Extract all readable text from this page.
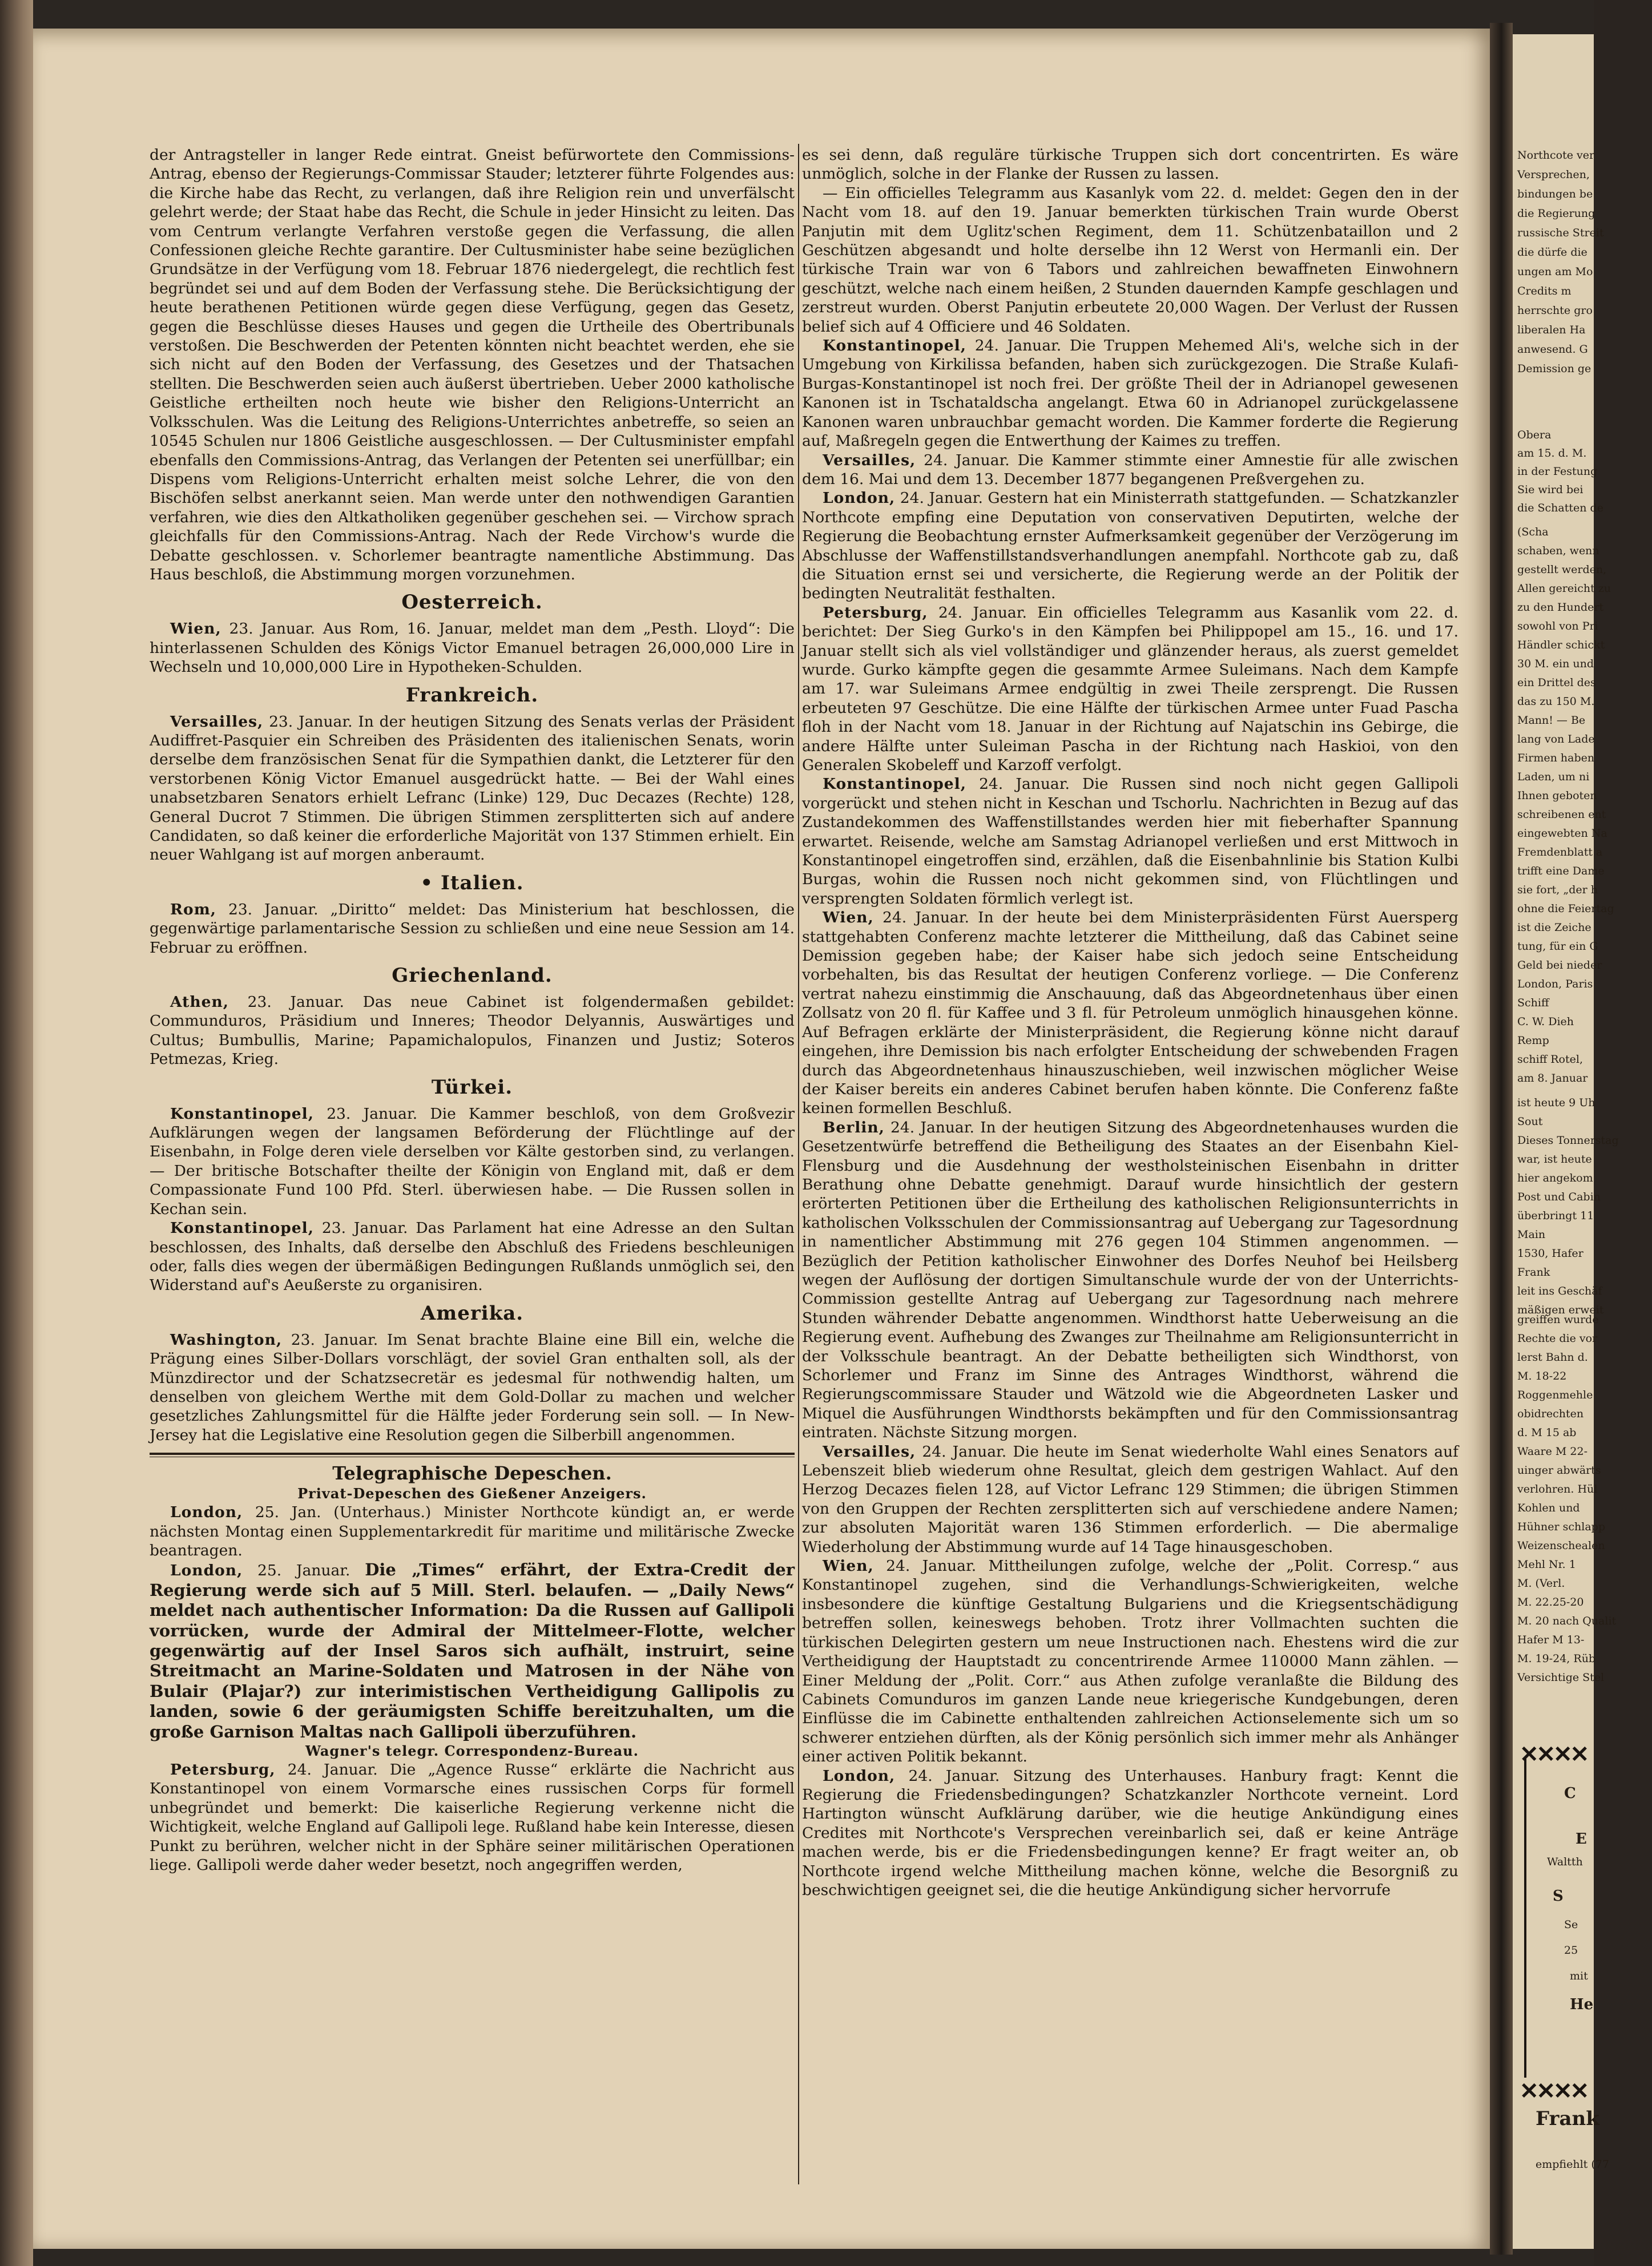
der Antragsteller in langer Rede eintrat. Gneist befürwortete den Commissions-Antrag, ebenso der Regierungs-Commissar Stauder; letzterer führte Folgendes aus: die Kirche habe das Recht, zu verlangen, daß ihre Religion rein und unverfälscht gelehrt werde; der Staat habe das Recht, die Schule in jeder Hinsicht zu leiten. Das vom Centrum verlangte Verfahren verstoße gegen die Verfassung, die allen Confessionen gleiche Rechte garantire. Der Cultusminister habe seine bezüglichen Grundsätze in der Verfügung vom 18. Februar 1876 niedergelegt, die rechtlich fest begründet sei und auf dem Boden der Verfassung stehe. Die Berücksichtigung der heute berathenen Petitionen würde gegen diese Verfügung, gegen das Gesetz, gegen die Beschlüsse dieses Hauses und gegen die Urtheile des Obertribunals verstoßen. Die Beschwerden der Petenten könnten nicht beachtet werden, ehe sie sich nicht auf den Boden der Verfassung, des Gesetzes und der Thatsachen stellten. Die Beschwerden seien auch äußerst übertrieben. Ueber 2000 katholische Geistliche ertheilten noch heute wie bisher den Religions-Unterricht an Volksschulen. Was die Leitung des Religions-Unterrichtes anbetreffe, so seien an 10545 Schulen nur 1806 Geistliche ausgeschlossen. — Der Cultusminister empfahl ebenfalls den Commissions-Antrag, das Verlangen der Petenten sei unerfüllbar; ein Dispens vom Religions-Unterricht erhalten meist solche Lehrer, die von den Bischöfen selbst anerkannt seien. Man werde unter den nothwendigen Garantien verfahren, wie dies den Altkatholiken gegenüber geschehen sei. — Virchow sprach gleichfalls für den Commissions-Antrag. Nach der Rede Virchow's wurde die Debatte geschlossen. v. Schorlemer beantragte namentliche Abstimmung. Das Haus beschloß, die Abstimmung morgen vorzunehmen.

Oesterreich.

Wien, 23. Januar. Aus Rom, 16. Januar, meldet man dem „Pesth. Lloyd“: Die hinterlassenen Schulden des Königs Victor Emanuel betragen 26,000,000 Lire in Wechseln und 10,000,000 Lire in Hypotheken-Schulden.

Frankreich.

Versailles, 23. Januar. In der heutigen Sitzung des Senats verlas der Präsident Audiffret-Pasquier ein Schreiben des Präsidenten des italienischen Senats, worin derselbe dem französischen Senat für die Sympathien dankt, die Letzterer für den verstorbenen König Victor Emanuel ausgedrückt hatte. — Bei der Wahl eines unabsetzbaren Senators erhielt Lefranc (Linke) 129, Duc Decazes (Rechte) 128, General Ducrot 7 Stimmen. Die übrigen Stimmen zersplitterten sich auf andere Candidaten, so daß keiner die erforderliche Majorität von 137 Stimmen erhielt. Ein neuer Wahlgang ist auf morgen anberaumt.

• Italien.

Rom, 23. Januar. „Diritto“ meldet: Das Ministerium hat beschlossen, die gegenwärtige parlamentarische Session zu schließen und eine neue Session am 14. Februar zu eröffnen.

Griechenland.

Athen, 23. Januar. Das neue Cabinet ist folgendermaßen gebildet: Communduros, Präsidium und Inneres; Theodor Delyannis, Auswärtiges und Cultus; Bumbullis, Marine; Papamichalopulos, Finanzen und Justiz; Soteros Petmezas, Krieg.

Türkei.

Konstantinopel, 23. Januar. Die Kammer beschloß, von dem Großvezir Aufklärungen wegen der langsamen Beförderung der Flüchtlinge auf der Eisenbahn, in Folge deren viele derselben vor Kälte gestorben sind, zu verlangen. — Der britische Botschafter theilte der Königin von England mit, daß er dem Compassionate Fund 100 Pfd. Sterl. überwiesen habe. — Die Russen sollen in Kechan sein.

Konstantinopel, 23. Januar. Das Parlament hat eine Adresse an den Sultan beschlossen, des Inhalts, daß derselbe den Abschluß des Friedens beschleunigen oder, falls dies wegen der übermäßigen Bedingungen Rußlands unmöglich sei, den Widerstand auf's Aeußerste zu organisiren.

Amerika.

Washington, 23. Januar. Im Senat brachte Blaine eine Bill ein, welche die Prägung eines Silber-Dollars vorschlägt, der soviel Gran enthalten soll, als der Münzdirector und der Schatzsecretär es jedesmal für nothwendig halten, um denselben von gleichem Werthe mit dem Gold-Dollar zu machen und welcher gesetzliches Zahlungsmittel für die Hälfte jeder Forderung sein soll. — In New-Jersey hat die Legislative eine Resolution gegen die Silberbill angenommen.

Telegraphische Depeschen.
Privat-Depeschen des Gießener Anzeigers.

London, 25. Jan. (Unterhaus.) Minister Northcote kündigt an, er werde nächsten Montag einen Supplementarkredit für maritime und militärische Zwecke beantragen.

London, 25. Januar. Die „Times“ erfährt, der Extra-Credit der Regierung werde sich auf 5 Mill. Sterl. belaufen. — „Daily News“ meldet nach authentischer Information: Da die Russen auf Gallipoli vorrücken, wurde der Admiral der Mittelmeer-Flotte, welcher gegenwärtig auf der Insel Saros sich aufhält, instruirt, seine Streitmacht an Marine-Soldaten und Matrosen in der Nähe von Bulair (Plajar?) zur interimistischen Vertheidigung Gallipolis zu landen, sowie 6 der geräumigsten Schiffe bereitzuhalten, um die große Garnison Maltas nach Gallipoli überzuführen.

Wagner's telegr. Correspondenz-Bureau.

Petersburg, 24. Januar. Die „Agence Russe“ erklärte die Nachricht aus Konstantinopel von einem Vormarsche eines russischen Corps für formell unbegründet und bemerkt: Die kaiserliche Regierung verkenne nicht die Wichtigkeit, welche England auf Gallipoli lege. Rußland habe kein Interesse, diesen Punkt zu berühren, welcher nicht in der Sphäre seiner militärischen Operationen liege. Gallipoli werde daher weder besetzt, noch angegriffen werden,

es sei denn, daß reguläre türkische Truppen sich dort concentrirten. Es wäre unmöglich, solche in der Flanke der Russen zu lassen.

— Ein officielles Telegramm aus Kasanlyk vom 22. d. meldet: Gegen den in der Nacht vom 18. auf den 19. Januar bemerkten türkischen Train wurde Oberst Panjutin mit dem Uglitz'schen Regiment, dem 11. Schützenbataillon und 2 Geschützen abgesandt und holte derselbe ihn 12 Werst von Hermanli ein. Der türkische Train war von 6 Tabors und zahlreichen bewaffneten Einwohnern geschützt, welche nach einem heißen, 2 Stunden dauernden Kampfe geschlagen und zerstreut wurden. Oberst Panjutin erbeutete 20,000 Wagen. Der Verlust der Russen belief sich auf 4 Officiere und 46 Soldaten.

Konstantinopel, 24. Januar. Die Truppen Mehemed Ali's, welche sich in der Umgebung von Kirkilissa befanden, haben sich zurückgezogen. Die Straße Kulafi-Burgas-Konstantinopel ist noch frei. Der größte Theil der in Adrianopel gewesenen Kanonen ist in Tschataldscha angelangt. Etwa 60 in Adrianopel zurückgelassene Kanonen waren unbrauchbar gemacht worden. Die Kammer forderte die Regierung auf, Maßregeln gegen die Entwerthung der Kaimes zu treffen.

Versailles, 24. Januar. Die Kammer stimmte einer Amnestie für alle zwischen dem 16. Mai und dem 13. December 1877 begangenen Preßvergehen zu.

London, 24. Januar. Gestern hat ein Ministerrath stattgefunden. — Schatzkanzler Northcote empfing eine Deputation von conservativen Deputirten, welche der Regierung die Beobachtung ernster Aufmerksamkeit gegenüber der Verzögerung im Abschlusse der Waffenstillstandsverhandlungen anempfahl. Northcote gab zu, daß die Situation ernst sei und versicherte, die Regierung werde an der Politik der bedingten Neutralität festhalten.

Petersburg, 24. Januar. Ein officielles Telegramm aus Kasanlik vom 22. d. berichtet: Der Sieg Gurko's in den Kämpfen bei Philippopel am 15., 16. und 17. Januar stellt sich als viel vollständiger und glänzender heraus, als zuerst gemeldet wurde. Gurko kämpfte gegen die gesammte Armee Suleimans. Nach dem Kampfe am 17. war Suleimans Armee endgültig in zwei Theile zersprengt. Die Russen erbeuteten 97 Geschütze. Die eine Hälfte der türkischen Armee unter Fuad Pascha floh in der Nacht vom 18. Januar in der Richtung auf Najatschin ins Gebirge, die andere Hälfte unter Suleiman Pascha in der Richtung nach Haskioi, von den Generalen Skobeleff und Karzoff verfolgt.

Konstantinopel, 24. Januar. Die Russen sind noch nicht gegen Gallipoli vorgerückt und stehen nicht in Keschan und Tschorlu. Nachrichten in Bezug auf das Zustandekommen des Waffenstillstandes werden hier mit fieberhafter Spannung erwartet. Reisende, welche am Samstag Adrianopel verließen und erst Mittwoch in Konstantinopel eingetroffen sind, erzählen, daß die Eisenbahnlinie bis Station Kulbi Burgas, wohin die Russen noch nicht gekommen sind, von Flüchtlingen und versprengten Soldaten förmlich verlegt ist.

Wien, 24. Januar. In der heute bei dem Ministerpräsidenten Fürst Auersperg stattgehabten Conferenz machte letzterer die Mittheilung, daß das Cabinet seine Demission gegeben habe; der Kaiser habe sich jedoch seine Entscheidung vorbehalten, bis das Resultat der heutigen Conferenz vorliege. — Die Conferenz vertrat nahezu einstimmig die Anschauung, daß das Abgeordnetenhaus über einen Zollsatz von 20 fl. für Kaffee und 3 fl. für Petroleum unmöglich hinausgehen könne. Auf Befragen erklärte der Ministerpräsident, die Regierung könne nicht darauf eingehen, ihre Demission bis nach erfolgter Entscheidung der schwebenden Fragen durch das Abgeordnetenhaus hinauszuschieben, weil inzwischen möglicher Weise der Kaiser bereits ein anderes Cabinet berufen haben könnte. Die Conferenz faßte keinen formellen Beschluß.

Berlin, 24. Januar. In der heutigen Sitzung des Abgeordnetenhauses wurden die Gesetzentwürfe betreffend die Betheiligung des Staates an der Eisenbahn Kiel-Flensburg und die Ausdehnung der westholsteinischen Eisenbahn in dritter Berathung ohne Debatte genehmigt. Darauf wurde hinsichtlich der gestern erörterten Petitionen über die Ertheilung des katholischen Religionsunterrichts in katholischen Volksschulen der Commissionsantrag auf Uebergang zur Tagesordnung in namentlicher Abstimmung mit 276 gegen 104 Stimmen angenommen. — Bezüglich der Petition katholischer Einwohner des Dorfes Neuhof bei Heilsberg wegen der Auflösung der dortigen Simultanschule wurde der von der Unterrichts-Commission gestellte Antrag auf Uebergang zur Tagesordnung nach mehrere Stunden währender Debatte angenommen. Windthorst hatte Ueberweisung an die Regierung event. Aufhebung des Zwanges zur Theilnahme am Religionsunterricht in der Volksschule beantragt. An der Debatte betheiligten sich Windthorst, von Schorlemer und Franz im Sinne des Antrages Windthorst, während die Regierungscommissare Stauder und Wätzold wie die Abgeordneten Lasker und Miquel die Ausführungen Windthorsts bekämpften und für den Commissionsantrag eintraten. Nächste Sitzung morgen.

Versailles, 24. Januar. Die heute im Senat wiederholte Wahl eines Senators auf Lebenszeit blieb wiederum ohne Resultat, gleich dem gestrigen Wahlact. Auf den Herzog Decazes fielen 128, auf Victor Lefranc 129 Stimmen; die übrigen Stimmen von den Gruppen der Rechten zersplitterten sich auf verschiedene andere Namen; zur absoluten Majorität waren 136 Stimmen erforderlich. — Die abermalige Wiederholung der Abstimmung wurde auf 14 Tage hinausgeschoben.

Wien, 24. Januar. Mittheilungen zufolge, welche der „Polit. Corresp.“ aus Konstantinopel zugehen, sind die Verhandlungs-Schwierigkeiten, welche insbesondere die künftige Gestaltung Bulgariens und die Kriegsentschädigung betreffen sollen, keineswegs behoben. Trotz ihrer Vollmachten suchten die türkischen Delegirten gestern um neue Instructionen nach. Ehestens wird die zur Vertheidigung der Hauptstadt zu concentrirende Armee 110000 Mann zählen. — Einer Meldung der „Polit. Corr.“ aus Athen zufolge veranlaßte die Bildung des Cabinets Comunduros im ganzen Lande neue kriegerische Kundgebungen, deren Einflüsse die im Cabinette enthaltenden zahlreichen Actionselemente sich um so schwerer entziehen dürften, als der König persönlich sich immer mehr als Anhänger einer activen Politik bekannt.

London, 24. Januar. Sitzung des Unterhauses. Hanbury fragt: Kennt die Regierung die Friedensbedingungen? Schatzkanzler Northcote verneint. Lord Hartington wünscht Aufklärung darüber, wie die heutige Ankündigung eines Credites mit Northcote's Versprechen vereinbarlich sei, daß er keine Anträge machen werde, bis er die Friedensbedingungen kenne? Er fragt weiter an, ob Northcote irgend welche Mittheilung machen könne, welche die Besorgniß zu beschwichtigen geeignet sei, die die heutige Ankündigung sicher hervorrufe

Northcote ver
Versprechen,
bindungen be
die Regierung
russische Streit
die dürfe die
ungen am Mo
Credits m
herrschte gro
liberalen Ha
anwesend. G
Demission ge
Obera
am 15. d. M.
in der Festung
Sie wird bei
die Schatten de
(Scha
schaben, wenn
gestellt werden,
Allen gereicht zu
zu den Hundert
sowohl von Pri
Händler schickt
30 M. ein und
ein Drittel des
das zu 150 M.
Mann! — Be
lang von Lade
Firmen haben
Laden, um ni
Ihnen geboten
schreibenen ent
eingewebten Na
Fremdenblatt a
trifft eine Dame
sie fort, „der h
ohne die Feiertag
ist die Zeiche
tung, für ein G
Geld bei nieder
London, Paris
Schiff
C. W. Dieh
Remp
schiff Rotel,
am 8. Januar
ist heute 9 Uh
Sout
Dieses Tonnerstag
war, ist heute
hier angekom
Post und Cabin
überbringt 11
Main
1530, Hafer
Frank
leit ins Geschäf
mäßigen erweit
greiffen wurde
Rechte die vor
lerst Bahn d.
M. 18-22
Roggenmehle
obidrechten
d. M 15 ab
Waare M 22-
uinger abwärts
verlohren. Hül
Kohlen und
Hühner schlapp
Weizenschealen
Mehl Nr. 1
M. (Verl.
M. 22.25-20
M. 20 nach Qualit
Hafer M 13-
M. 19-24, Rüb
Versichtige Stel
✕✕✕✕
✕✕✕✕
C
Waltth
S
E
Se
25
mit
He
Frank
empfiehlt (77
